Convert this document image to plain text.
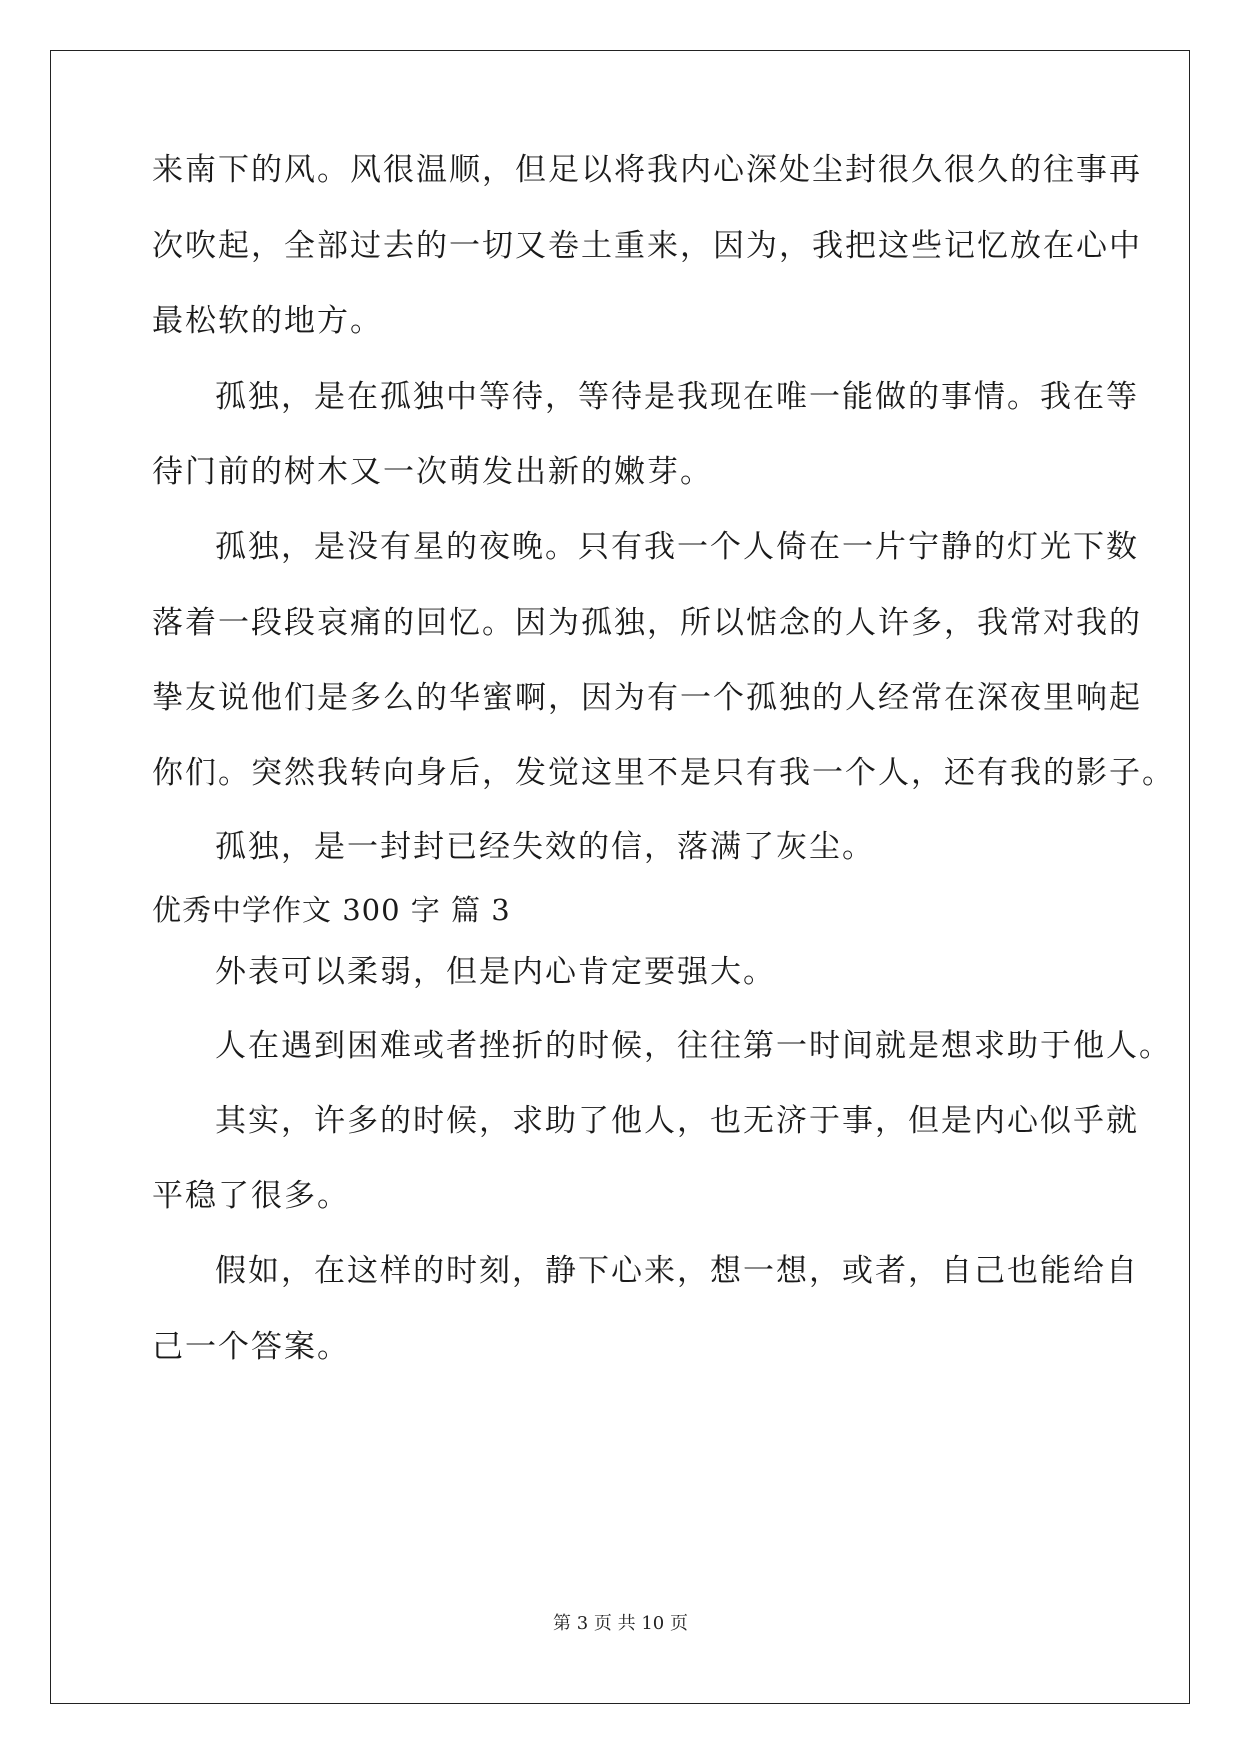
来南下的风。风很温顺，但足以将我内心深处尘封很久很久的往事再
次吹起，全部过去的一切又卷土重来，因为，我把这些记忆放在心中
最松软的地方。
孤独，是在孤独中等待，等待是我现在唯一能做的事情。我在等
待门前的树木又一次萌发出新的嫩芽。
孤独，是没有星的夜晚。只有我一个人倚在一片宁静的灯光下数
落着一段段哀痛的回忆。因为孤独，所以惦念的人许多，我常对我的
挚友说他们是多么的华蜜啊，因为有一个孤独的人经常在深夜里响起
你们。突然我转向身后，发觉这里不是只有我一个人，还有我的影子。
孤独，是一封封已经失效的信，落满了灰尘。
优秀中学作文 300 字 篇 3
外表可以柔弱，但是内心肯定要强大。
人在遇到困难或者挫折的时候，往往第一时间就是想求助于他人。
其实，许多的时候，求助了他人，也无济于事，但是内心似乎就
平稳了很多。
假如，在这样的时刻，静下心来，想一想，或者，自己也能给自
己一个答案。
第 3 页 共 10 页
